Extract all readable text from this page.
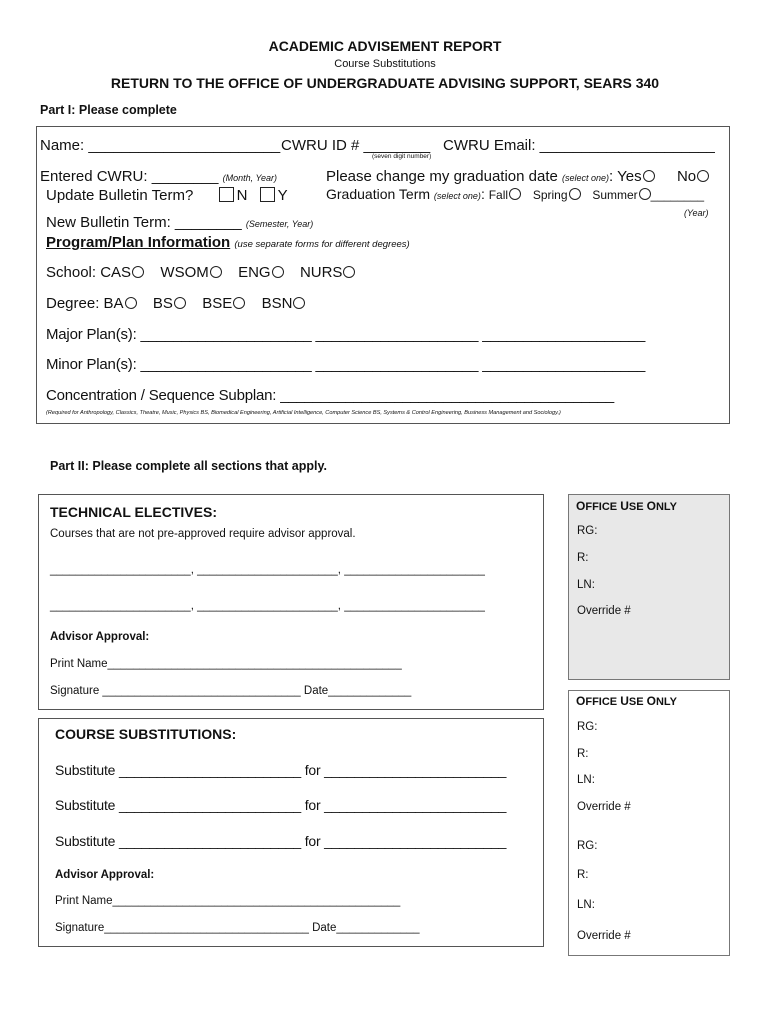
ACADEMIC ADVISEMENT REPORT
Course Substitutions
RETURN TO THE OFFICE OF UNDERGRADUATE ADVISING SUPPORT, SEARS 340
Part I: Please complete
Name: _______________________ CWRU ID # ________
(seven digit number)
CWRU Email: _____________________
Entered CWRU: ________ (Month, Year)	Please change my graduation date (select one): Yes No
Update Bulletin Term?	N Y	Graduation Term (select one): Fall Spring Summer ________
(Year)
New Bulletin Term: ________ (Semester, Year)
Program/Plan Information (use separate forms for different degrees)
School: CAS WSOM ENG NURS
Degree: BA BS BSE BSN
Major Plan(s): _____________________ ____________________ ____________________
Minor Plan(s): _____________________ ____________________ ____________________
Concentration / Sequence Subplan: _________________________________________
(Required for Anthropology, Classics, Theatre, Music, Physics BS, Biomedical Engineering, Artificial Intelligence, Computer Science BS, Systems & Control Engineering, Business Management and Sociology.)
Part II: Please complete all sections that apply.
TECHNICAL ELECTIVES:
Courses that are not pre-approved require advisor approval.
______________________, ______________________, ______________________
______________________, ______________________, ______________________
Advisor Approval:
Print Name______________________________________________
Signature _______________________________ Date_____________
OFFICE USE ONLY
RG:
R:
LN:
Override #
COURSE SUBSTITUTIONS:
Substitute ________________________ for ________________________
Substitute ________________________ for ________________________
Substitute ________________________ for ________________________
Advisor Approval:
Print Name_____________________________________________
Signature________________________________ Date_____________
OFFICE USE ONLY
RG:
R:
LN:
Override #
RG:
R:
LN:
Override #
